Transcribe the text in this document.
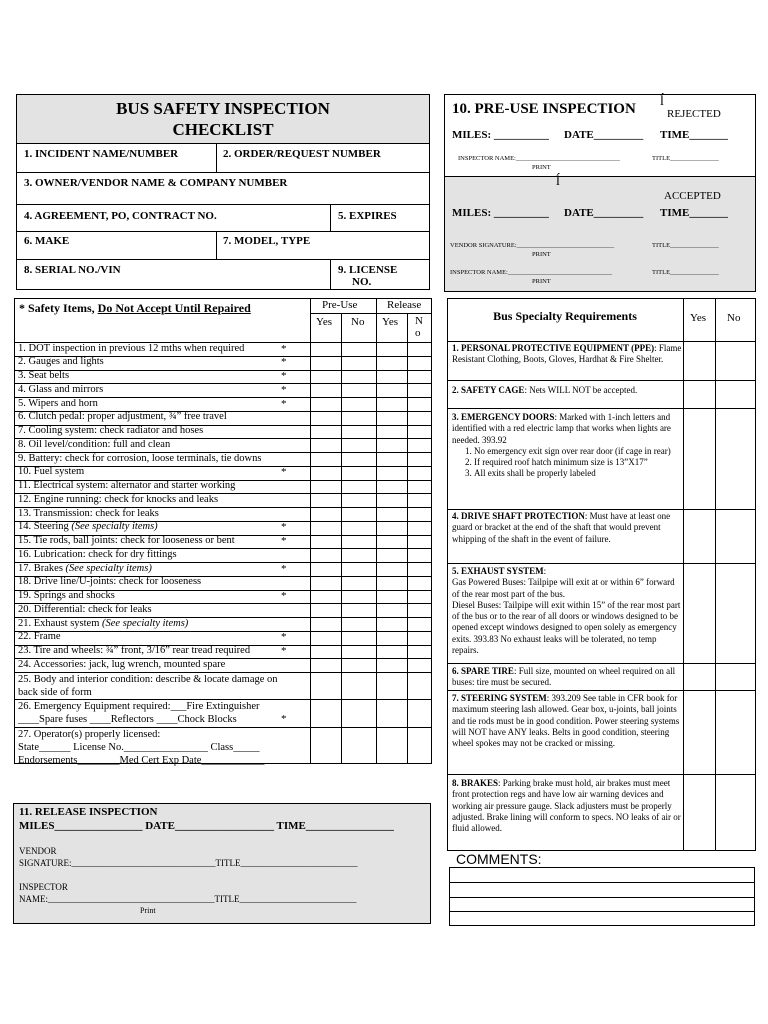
BUS SAFETY INSPECTION
CHECKLIST
1. INCIDENT NAME/NUMBER	2. ORDER/REQUEST NUMBER
3. OWNER/VENDOR NAME & COMPANY NUMBER
4. AGREEMENT, PO, CONTRACT NO.	5. EXPIRES
6. MAKE	7. MODEL, TYPE
8. SERIAL NO./VIN	9. LICENSE
NO.
10. PRE-USE INSPECTION ĺ
REJECTED
MILES: __________ DATE_________ TIME_______
INSPECTOR NAME:________________________________	TITLE_______________
PRINT
ĺ
ACCEPTED
MILES: __________ DATE_________ TIME_______
VENDOR SIGNATURE:______________________________	TITLE_______________
PRINT
INSPECTOR NAME:________________________________	TITLE_______________
PRINT
* Safety Items, Do Not Accept Until Repaired	Pre-Use	Release
Yes No Yes N
o
1. DOT inspection in previous 12 mths when required	*
2. Gauges and lights	*
3. Seat belts	*
4. Glass and mirrors	*
5. Wipers and horn	*
6. Clutch pedal: proper adjustment, ¾” free travel
7. Cooling system: check radiator and hoses
8. Oil level/condition: full and clean
9. Battery: check for corrosion, loose terminals, tie downs
10. Fuel system	*
11. Electrical system: alternator and starter working
12. Engine running: check for knocks and leaks
13. Transmission: check for leaks
14. Steering (See specialty items)	*
15. Tie rods, ball joints: check for looseness or bent	*
16. Lubrication: check for dry fittings
17. Brakes (See specialty items)	*
18. Drive line/U-joints: check for looseness
19. Springs and shocks	*
20. Differential: check for leaks
21. Exhaust system (See specialty items)
22. Frame	*
23. Tire and wheels: ¾” front, 3/16” rear tread required	*
24. Accessories: jack, lug wrench, mounted spare
25. Body and interior condition: describe & locate damage on
back side of form
26. Emergency Equipment required:___Fire Extinguisher
____Spare fuses ____Reflectors ____Chock Blocks	*
27. Operator(s) properly licensed:
State______ License No.________________ Class_____
Endorsements________Med Cert Exp Date____________
Bus Specialty Requirements	Yes No
1. PERSONAL PROTECTIVE EQUIPMENT (PPE): Flame Resistant Clothing, Boots, Gloves, Hardhat & Fire Shelter.
2. SAFETY CAGE: Nets WILL NOT be accepted.
3. EMERGENCY DOORS: Marked with 1-inch letters and identified with a red electric lamp that works when lights are needed. 393.92
1. No emergency exit sign over rear door (if cage in rear)
2. If required roof hatch minimum size is 13”X17”
3. All exits shall be properly labeled
4. DRIVE SHAFT PROTECTION: Must have at least one guard or bracket at the end of the shaft that would prevent whipping of the shaft in the event of failure.
5. EXHAUST SYSTEM:
Gas Powered Buses: Tailpipe will exit at or within 6” forward of the rear most part of the bus.
Diesel Buses: Tailpipe will exit within 15” of the rear most part of the bus or to the rear of all doors or windows designed to be opened except windows designed to open solely as emergency exits. 393.83 No exhaust leaks will be tolerated, no temp repairs.
6. SPARE TIRE: Full size, mounted on wheel required on all buses: tire must be secured.
7. STEERING SYSTEM: 393.209 See table in CFR book for maximum steering lash allowed. Gear box, u-joints, ball joints and tie rods must be in good condition. Power steering systems will NOT have ANY leaks. Belts in good condition, steering wheel spokes may not be cracked or missing.
8. BRAKES: Parking brake must hold, air brakes must meet front protection regs and have low air warning devices and working air pressure gauge. Slack adjusters must be properly adjusted. Brake lining will conform to specs. NO leaks of air or fluid allowed.
COMMENTS:
11. RELEASE INSPECTION
MILES________________ DATE__________________ TIME________________
VENDOR
SIGNATURE:________________________________TITLE__________________________
INSPECTOR
NAME:_____________________________________TITLE__________________________
Print
